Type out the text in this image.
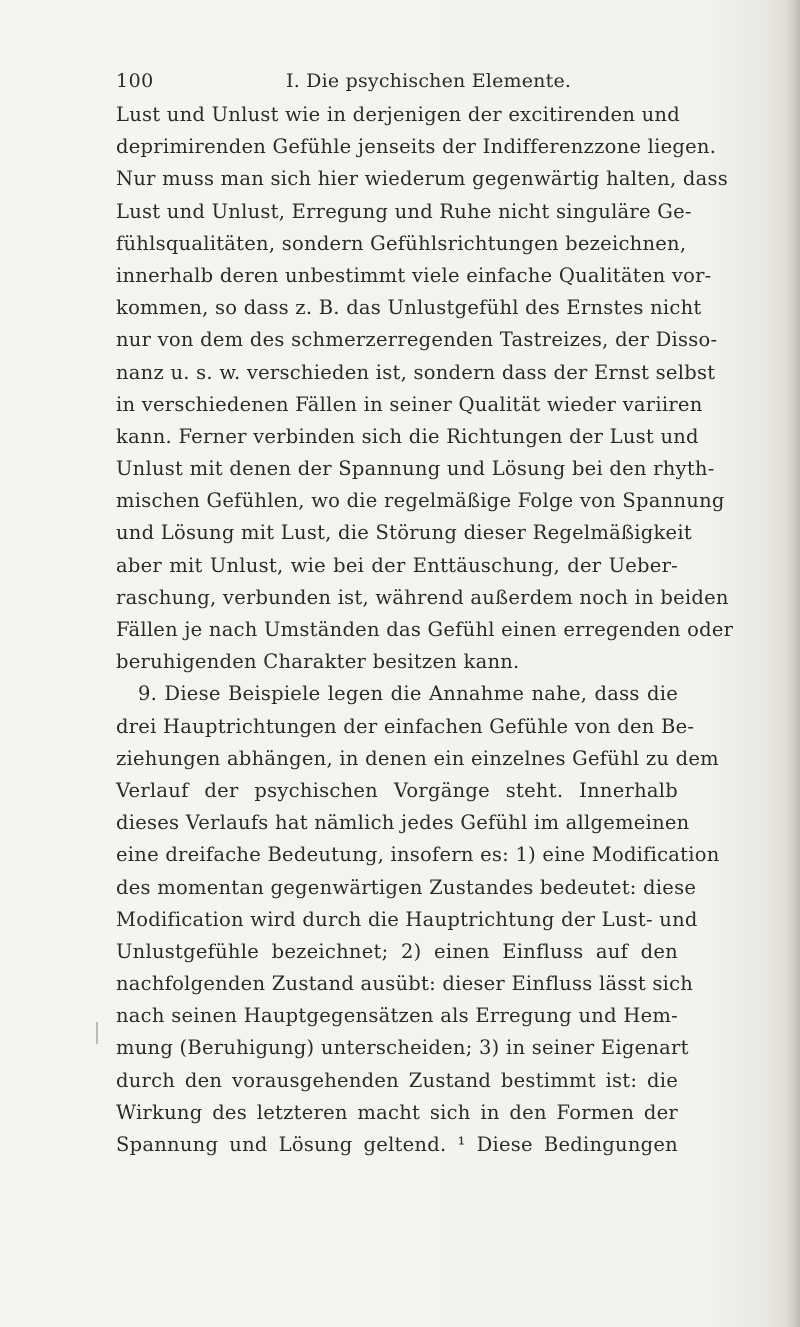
100	I. Die psychischen Elemente.
Lust und Unlust wie in derjenigen der excitirenden und
deprimirenden Gefühle jenseits der Indifferenzzone liegen.
Nur muss man sich hier wiederum gegenwärtig halten, dass
Lust und Unlust, Erregung und Ruhe nicht singuläre Ge-
fühlsqualitäten, sondern Gefühlsrichtungen bezeichnen,
innerhalb deren unbestimmt viele einfache Qualitäten vor-
kommen, so dass z. B. das Unlustgefühl des Ernstes nicht
nur von dem des schmerzerregenden Tastreizes, der Disso-
nanz u. s. w. verschieden ist, sondern dass der Ernst selbst
in verschiedenen Fällen in seiner Qualität wieder variiren
kann. Ferner verbinden sich die Richtungen der Lust und
Unlust mit denen der Spannung und Lösung bei den rhyth-
mischen Gefühlen, wo die regelmäßige Folge von Spannung
und Lösung mit Lust, die Störung dieser Regelmäßigkeit
aber mit Unlust, wie bei der Enttäuschung, der Ueber-
raschung, verbunden ist, während außerdem noch in beiden
Fällen je nach Umständen das Gefühl einen erregenden oder
beruhigenden Charakter besitzen kann.
9. Diese Beispiele legen die Annahme nahe, dass die
drei Hauptrichtungen der einfachen Gefühle von den Be-
ziehungen abhängen, in denen ein einzelnes Gefühl zu dem
Verlauf der psychischen Vorgänge steht. Innerhalb
dieses Verlaufs hat nämlich jedes Gefühl im allgemeinen
eine dreifache Bedeutung, insofern es: 1) eine Modification
des momentan gegenwärtigen Zustandes bedeutet: diese
Modification wird durch die Hauptrichtung der Lust- und
Unlustgefühle bezeichnet; 2) einen Einfluss auf den
nachfolgenden Zustand ausübt: dieser Einfluss lässt sich
nach seinen Hauptgegensätzen als Erregung und Hem-
mung (Beruhigung) unterscheiden; 3) in seiner Eigenart
durch den vorausgehenden Zustand bestimmt ist: die
Wirkung des letzteren macht sich in den Formen der
Spannung und Lösung geltend. ¹ Diese Bedingungen
